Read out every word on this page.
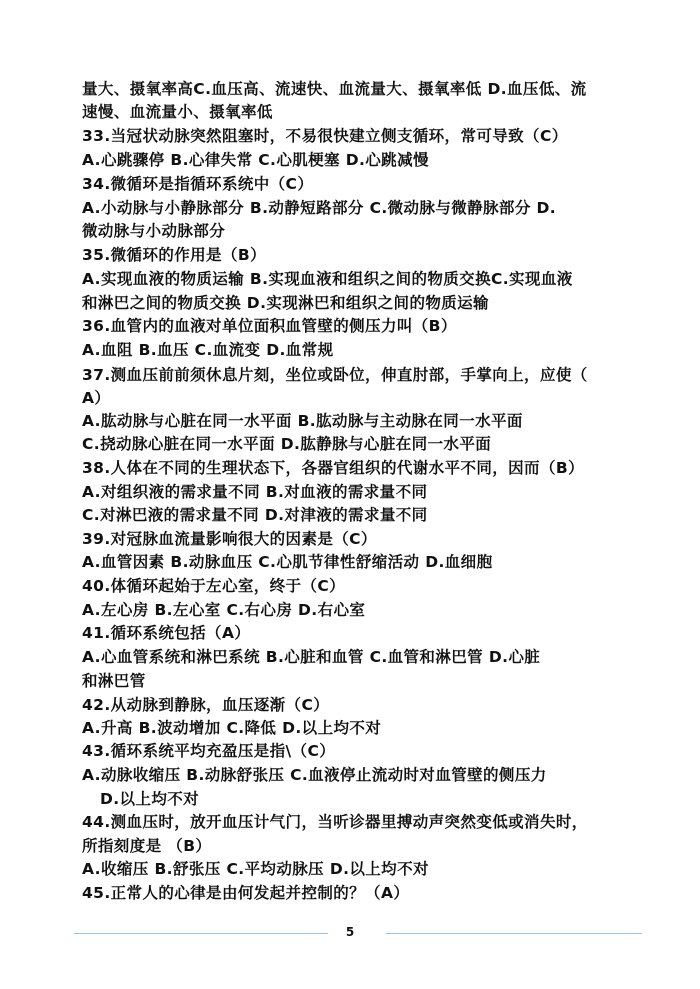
量大、摄氧率高C.血压高、流速快、血流量大、摄氧率低 D.血压低、流
速慢、血流量小、摄氧率低
33.当冠状动脉突然阻塞时，不易很快建立侧支循环，常可导致（C）
A.心跳骤停 B.心律失常 C.心肌梗塞 D.心跳减慢
34.微循环是指循环系统中（C）
A.小动脉与小静脉部分 B.动静短路部分 C.微动脉与微静脉部分 D.
微动脉与小动脉部分
35.微循环的作用是（B）
A.实现血液的物质运输 B.实现血液和组织之间的物质交换C.实现血液
和淋巴之间的物质交换 D.实现淋巴和组织之间的物质运输
36.血管内的血液对单位面积血管壁的侧压力叫（B）
A.血阻 B.血压 C.血流变 D.血常规
37.测血压前前须休息片刻，坐位或卧位，伸直肘部，手掌向上，应使（
A）
A.肱动脉与心脏在同一水平面 B.肱动脉与主动脉在同一水平面
C.挠动脉心脏在同一水平面 D.肱静脉与心脏在同一水平面
38.人体在不同的生理状态下，各器官组织的代谢水平不同，因而（B）
A.对组织液的需求量不同 B.对血液的需求量不同
C.对淋巴液的需求量不同 D.对津液的需求量不同
39.对冠脉血流量影响很大的因素是（C）
A.血管因素 B.动脉血压 C.心肌节律性舒缩活动 D.血细胞
40.体循环起始于左心室，终于（C）
A.左心房 B.左心室 C.右心房 D.右心室
41.循环系统包括（A）
A.心血管系统和淋巴系统 B.心脏和血管 C.血管和淋巴管 D.心脏
和淋巴管
42.从动脉到静脉，血压逐渐（C）
A.升高 B.波动增加 C.降低 D.以上均不对
43.循环系统平均充盈压是指\（C）
A.动脉收缩压 B.动脉舒张压 C.血液停止流动时对血管壁的侧压力
D.以上均不对
44.测血压时，放开血压计气门，当听诊器里搏动声突然变低或消失时，
所指刻度是 （B）
A.收缩压 B.舒张压 C.平均动脉压 D.以上均不对
45.正常人的心律是由何发起并控制的？（A）
5
